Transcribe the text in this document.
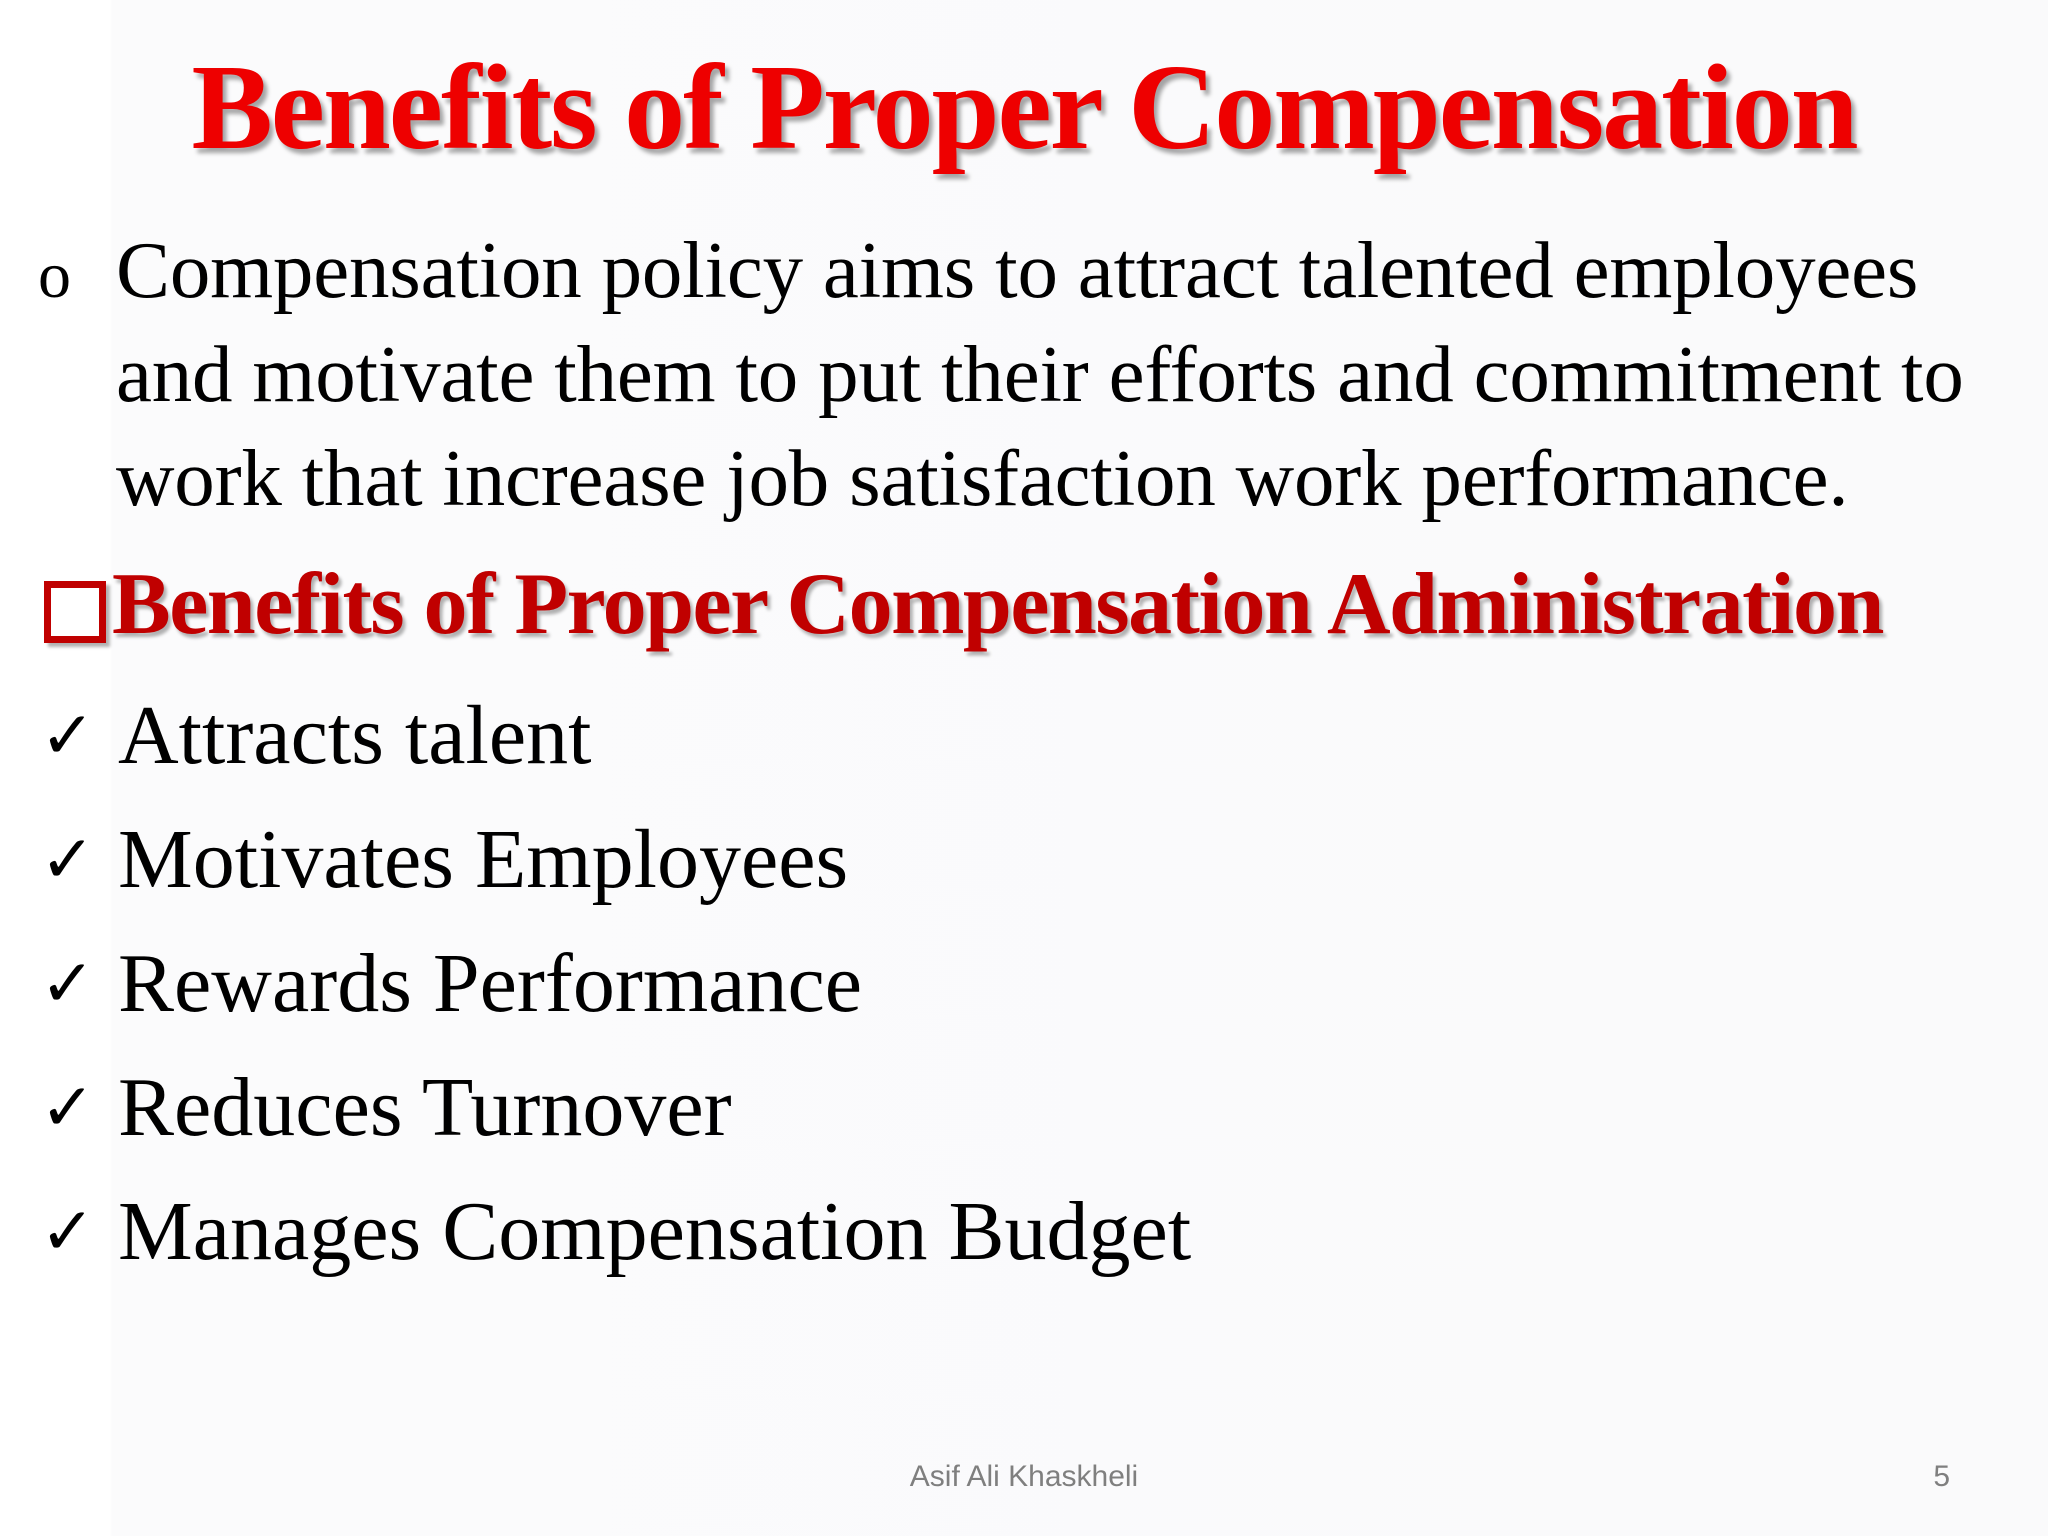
Benefits of Proper Compensation
o Compensation policy aims to attract talented employees and motivate them to put their efforts and commitment to work that increase job satisfaction work performance.
Benefits of Proper Compensation Administration
✓ Attracts talent
✓ Motivates Employees
✓ Rewards Performance
✓ Reduces Turnover
✓ Manages Compensation Budget
Asif Ali Khaskheli	5
